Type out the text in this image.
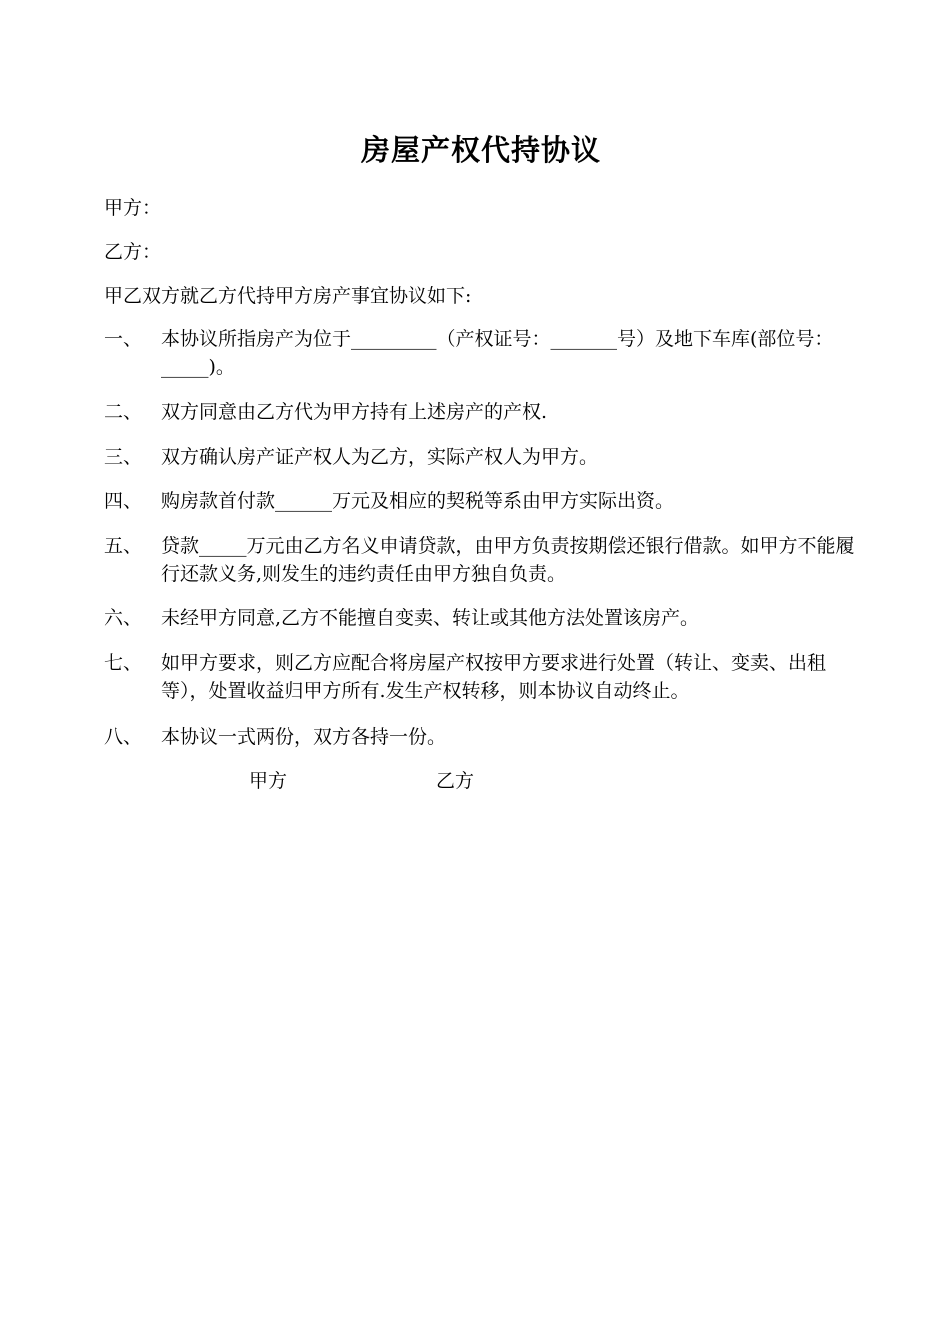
房屋产权代持协议
甲方：
乙方：
甲乙双方就乙方代持甲方房产事宜协议如下:
一、 本协议所指房产为位于_________（产权证号：_______号）及地下车库(部位号：_____)。
二、 双方同意由乙方代为甲方持有上述房产的产权.
三、 双方确认房产证产权人为乙方，实际产权人为甲方。
四、 购房款首付款______万元及相应的契税等系由甲方实际出资。
五、 贷款_____万元由乙方名义申请贷款，由甲方负责按期偿还银行借款。如甲方不能履行还款义务,则发生的违约责任由甲方独自负责。
六、 未经甲方同意,乙方不能擅自变卖、转让或其他方法处置该房产。
七、 如甲方要求，则乙方应配合将房屋产权按甲方要求进行处置（转让、变卖、出租等），处置收益归甲方所有.发生产权转移，则本协议自动终止。
八、 本协议一式两份，双方各持一份。
甲方	乙方
